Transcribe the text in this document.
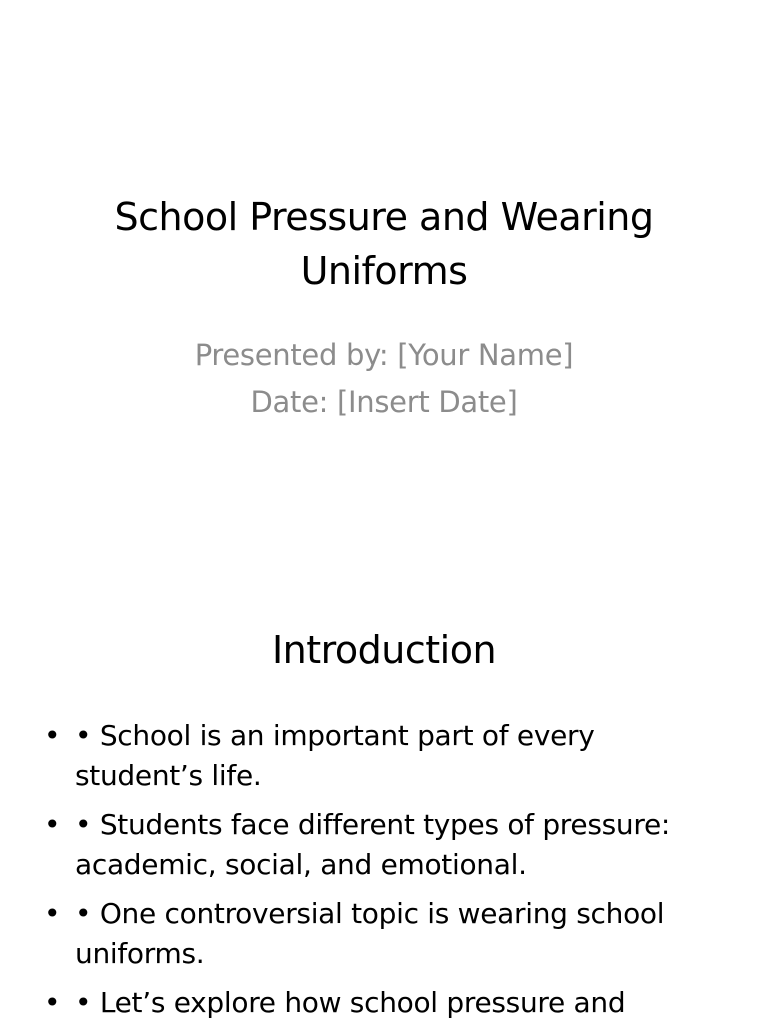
School Pressure and Wearing
Uniforms
Presented by: [Your Name]
Date: [Insert Date]
Introduction
• • School is an important part of every student’s life.
• • Students face different types of pressure: academic, social, and emotional.
• • One controversial topic is wearing school uniforms.
• • Let’s explore how school pressure and
